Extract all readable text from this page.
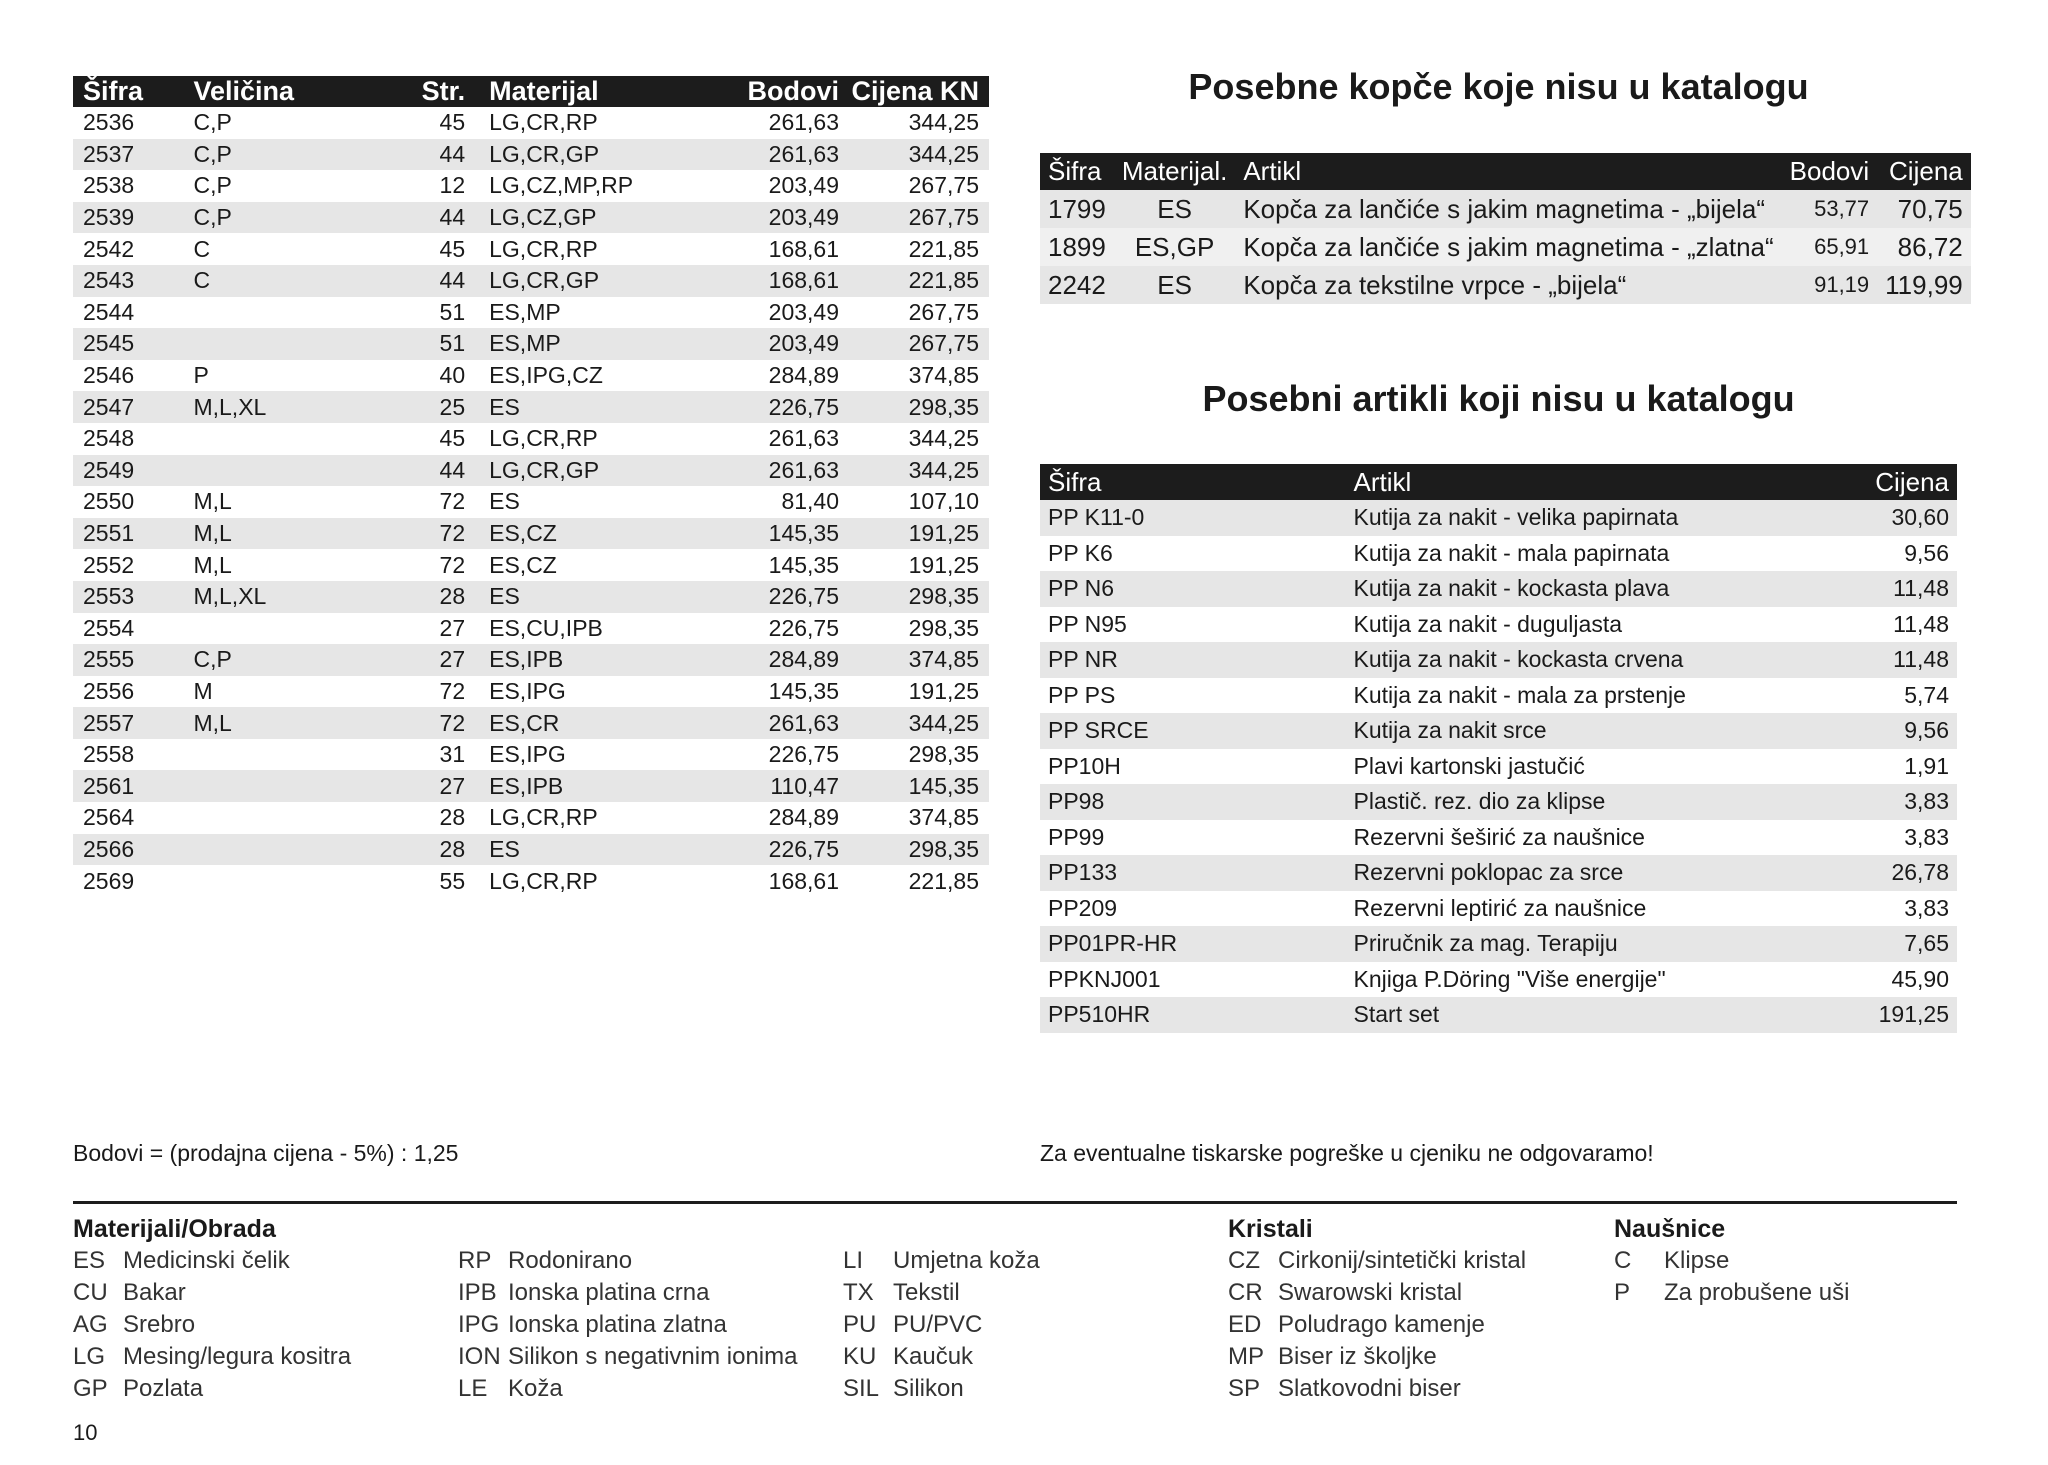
Šifra	Veličina	Str.	Materijal	Bodovi	Cijena KN
2536	C,P	45	LG,CR,RP	261,63	344,25
2537	C,P	44	LG,CR,GP	261,63	344,25
2538	C,P	12	LG,CZ,MP,RP	203,49	267,75
2539	C,P	44	LG,CZ,GP	203,49	267,75
2542	C	45	LG,CR,RP	168,61	221,85
2543	C	44	LG,CR,GP	168,61	221,85
2544		51	ES,MP	203,49	267,75
2545		51	ES,MP	203,49	267,75
2546	P	40	ES,IPG,CZ	284,89	374,85
2547	M,L,XL	25	ES	226,75	298,35
2548		45	LG,CR,RP	261,63	344,25
2549		44	LG,CR,GP	261,63	344,25
2550	M,L	72	ES	81,40	107,10
2551	M,L	72	ES,CZ	145,35	191,25
2552	M,L	72	ES,CZ	145,35	191,25
2553	M,L,XL	28	ES	226,75	298,35
2554		27	ES,CU,IPB	226,75	298,35
2555	C,P	27	ES,IPB	284,89	374,85
2556	M	72	ES,IPG	145,35	191,25
2557	M,L	72	ES,CR	261,63	344,25
2558		31	ES,IPG	226,75	298,35
2561		27	ES,IPB	110,47	145,35
2564		28	LG,CR,RP	284,89	374,85
2566		28	ES	226,75	298,35
2569		55	LG,CR,RP	168,61	221,85
Posebne kopče koje nisu u katalogu
Šifra	Materijal.	Artikl	Bodovi	Cijena
1799	ES	Kopča za lančiće s jakim magnetima - „bijela“	53,77	70,75
1899	ES,GP	Kopča za lančiće s jakim magnetima - „zlatna“	65,91	86,72
2242	ES	Kopča za tekstilne vrpce - „bijela“	91,19	119,99
Posebni artikli koji nisu u katalogu
Šifra	Artikl	Cijena
PP K11-0	Kutija za nakit - velika papirnata	30,60
PP K6	Kutija za nakit - mala papirnata	9,56
PP N6	Kutija za nakit - kockasta plava	11,48
PP N95	Kutija za nakit - duguljasta	11,48
PP NR	Kutija za nakit - kockasta crvena	11,48
PP PS	Kutija za nakit - mala za prstenje	5,74
PP SRCE	Kutija za nakit srce	9,56
PP10H	Plavi kartonski jastučić	1,91
PP98	Plastič. rez. dio za klipse	3,83
PP99	Rezervni šeširić za naušnice	3,83
PP133	Rezervni poklopac za srce	26,78
PP209	Rezervni leptirić za naušnice	3,83
PP01PR-HR	Priručnik za mag. Terapiju	7,65
PPKNJ001	Knjiga P.Döring "Više energije"	45,90
PP510HR	Start set	191,25
Bodovi = (prodajna cijena - 5%) : 1,25	Za eventualne tiskarske pogreške u cjeniku ne odgovaramo!
Materijali/Obrada
ES Medicinski čelik
CU Bakar
AG Srebro
LG Mesing/legura kositra
GP Pozlata
RP Rodonirano
IPB Ionska platina crna
IPG Ionska platina zlatna
ION Silikon s negativnim ionima
LE Koža
LI Umjetna koža
TX Tekstil
PU PU/PVC
KU Kaučuk
SIL Silikon
Kristali
CZ Cirkonij/sintetički kristal
CR Swarowski kristal
ED Poludrago kamenje
MP Biser iz školjke
SP Slatkovodni biser
Naušnice
C Klipse
P Za probušene uši
10
